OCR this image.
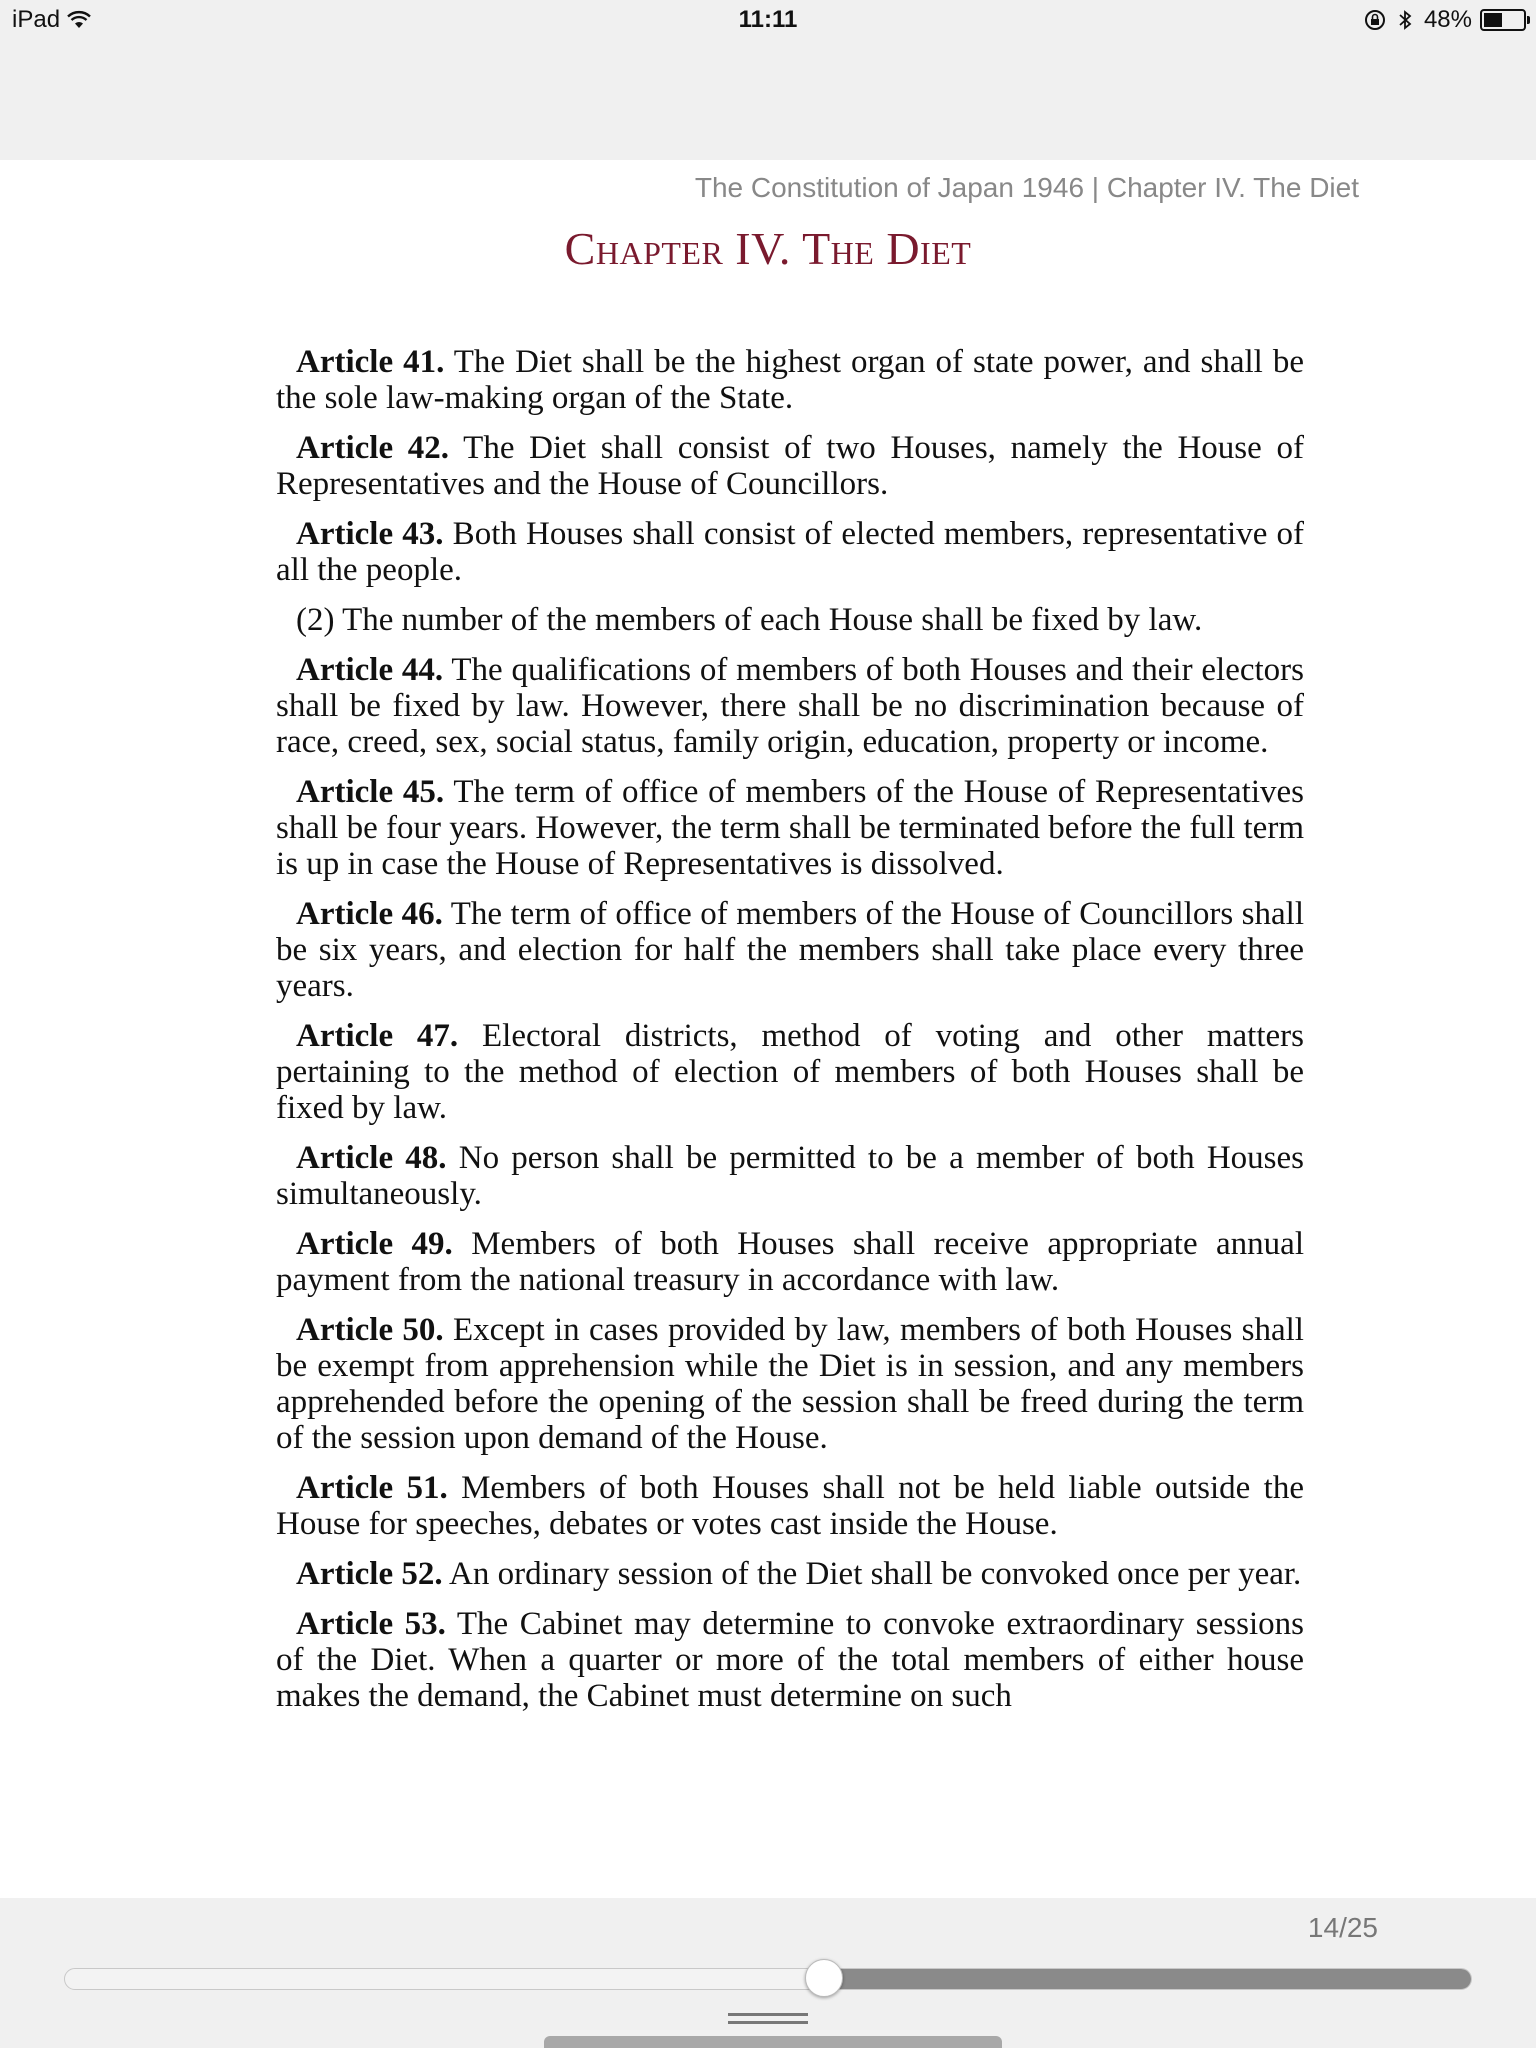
iPad	11:11	48%
The Constitution of Japan 1946 | Chapter IV. The Diet
Chapter IV. The Diet

Article 41. The Diet shall be the highest organ of state power, and shall be the sole law-making organ of the State.

Article 42. The Diet shall consist of two Houses, namely the House of Representatives and the House of Councillors.

Article 43. Both Houses shall consist of elected members, representative of all the people.

(2) The number of the members of each House shall be fixed by law.

Article 44. The qualifications of members of both Houses and their electors shall be fixed by law. However, there shall be no discrimination because of race, creed, sex, social status, family origin, education, property or income.

Article 45. The term of office of members of the House of Representatives shall be four years. However, the term shall be terminated before the full term is up in case the House of Representatives is dissolved.

Article 46. The term of office of members of the House of Councillors shall be six years, and election for half the members shall take place every three years.

Article 47. Electoral districts, method of voting and other matters pertaining to the method of election of members of both Houses shall be fixed by law.

Article 48. No person shall be permitted to be a member of both Houses simultaneously.

Article 49. Members of both Houses shall receive appropriate annual payment from the national treasury in accordance with law.

Article 50. Except in cases provided by law, members of both Houses shall be exempt from apprehension while the Diet is in session, and any members apprehended before the opening of the session shall be freed during the term of the session upon demand of the House.

Article 51. Members of both Houses shall not be held liable outside the House for speeches, debates or votes cast inside the House.

Article 52. An ordinary session of the Diet shall be convoked once per year.

Article 53. The Cabinet may determine to convoke extraordinary sessions of the Diet. When a quarter or more of the total members of either house makes the demand, the Cabinet must determine on such

14/25
